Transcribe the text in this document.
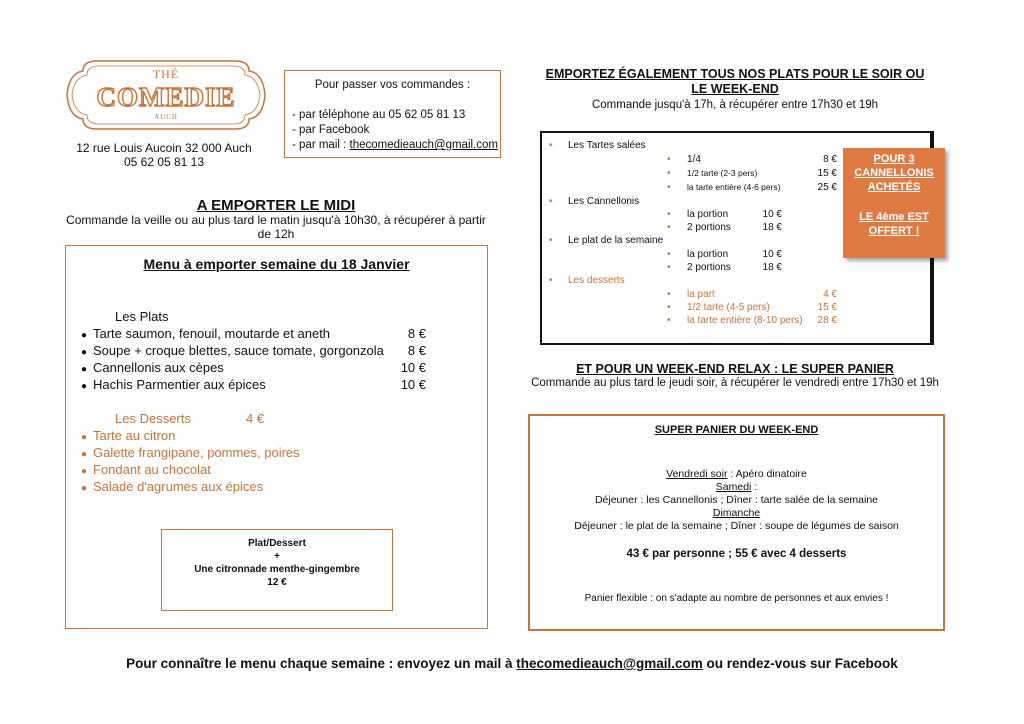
THÉ
COMEDIE
AUCH
12 rue Louis Aucoin 32 000 Auch
05 62 05 81 13
Pour passer vos commandes :
- par téléphone au 05 62 05 81 13
- par Facebook
- par mail : thecomedieauch@gmail.com
A EMPORTER LE MIDI
Commande la veille ou au plus tard le matin jusqu'à 10h30, à récupérer à partir de 12h
Menu à emporter semaine du 18 Janvier
Les Plats
● Tarte saumon, fenouil, moutarde et aneth	8 €
● Soupe + croque blettes, sauce tomate, gorgonzola 8 €
● Cannellonis aux cèpes	10 €
● Hachis Parmentier aux épices	10 €
Les Desserts	4 €
● Tarte au citron
● Galette frangipane, pommes, poires
● Fondant au chocolat
● Salade d'agrumes aux épices
Plat/Dessert
+
Une citronnade menthe-gingembre
12 €
EMPORTEZ ÉGALEMENT TOUS NOS PLATS POUR LE SOIR OU
LE WEEK-END
Commande jusqu'à 17h, à récupérer entre 17h30 et 19h
• Les Tartes salées
• 1/4	8 €
• 1/2 tarte (2-3 pers)	15 €
• la tarte entière (4-6 pers)	25 €
• Les Cannellonis
• la portion	10 €
• 2 portions	18 €
• Le plat de la semaine
• la portion	10 €
• 2 portions	18 €
• Les desserts
• la part	4 €
• 1/2 tarte (4-5 pers)	15 €
• la tarte entière (8-10 pers) 28 €
POUR 3
CANNELLONIS
ACHETÉS
LE 4ème EST
OFFERT !
ET POUR UN WEEK-END RELAX : LE SUPER PANIER
Commande au plus tard le jeudi soir, à récupérer le vendredi entre 17h30 et 19h
SUPER PANIER DU WEEK-END
Vendredi soir : Apéro dinatoire
Samedi :
Déjeuner : les Cannellonis ; Dîner : tarte salée de la semaine
Dimanche
Déjeuner : le plat de la semaine ; Dîner : soupe de légumes de saison
43 € par personne ; 55 € avec 4 desserts
Panier flexible : on s'adapte au nombre de personnes et aux envies !
Pour connaître le menu chaque semaine : envoyez un mail à thecomedieauch@gmail.com ou rendez-vous sur Facebook
